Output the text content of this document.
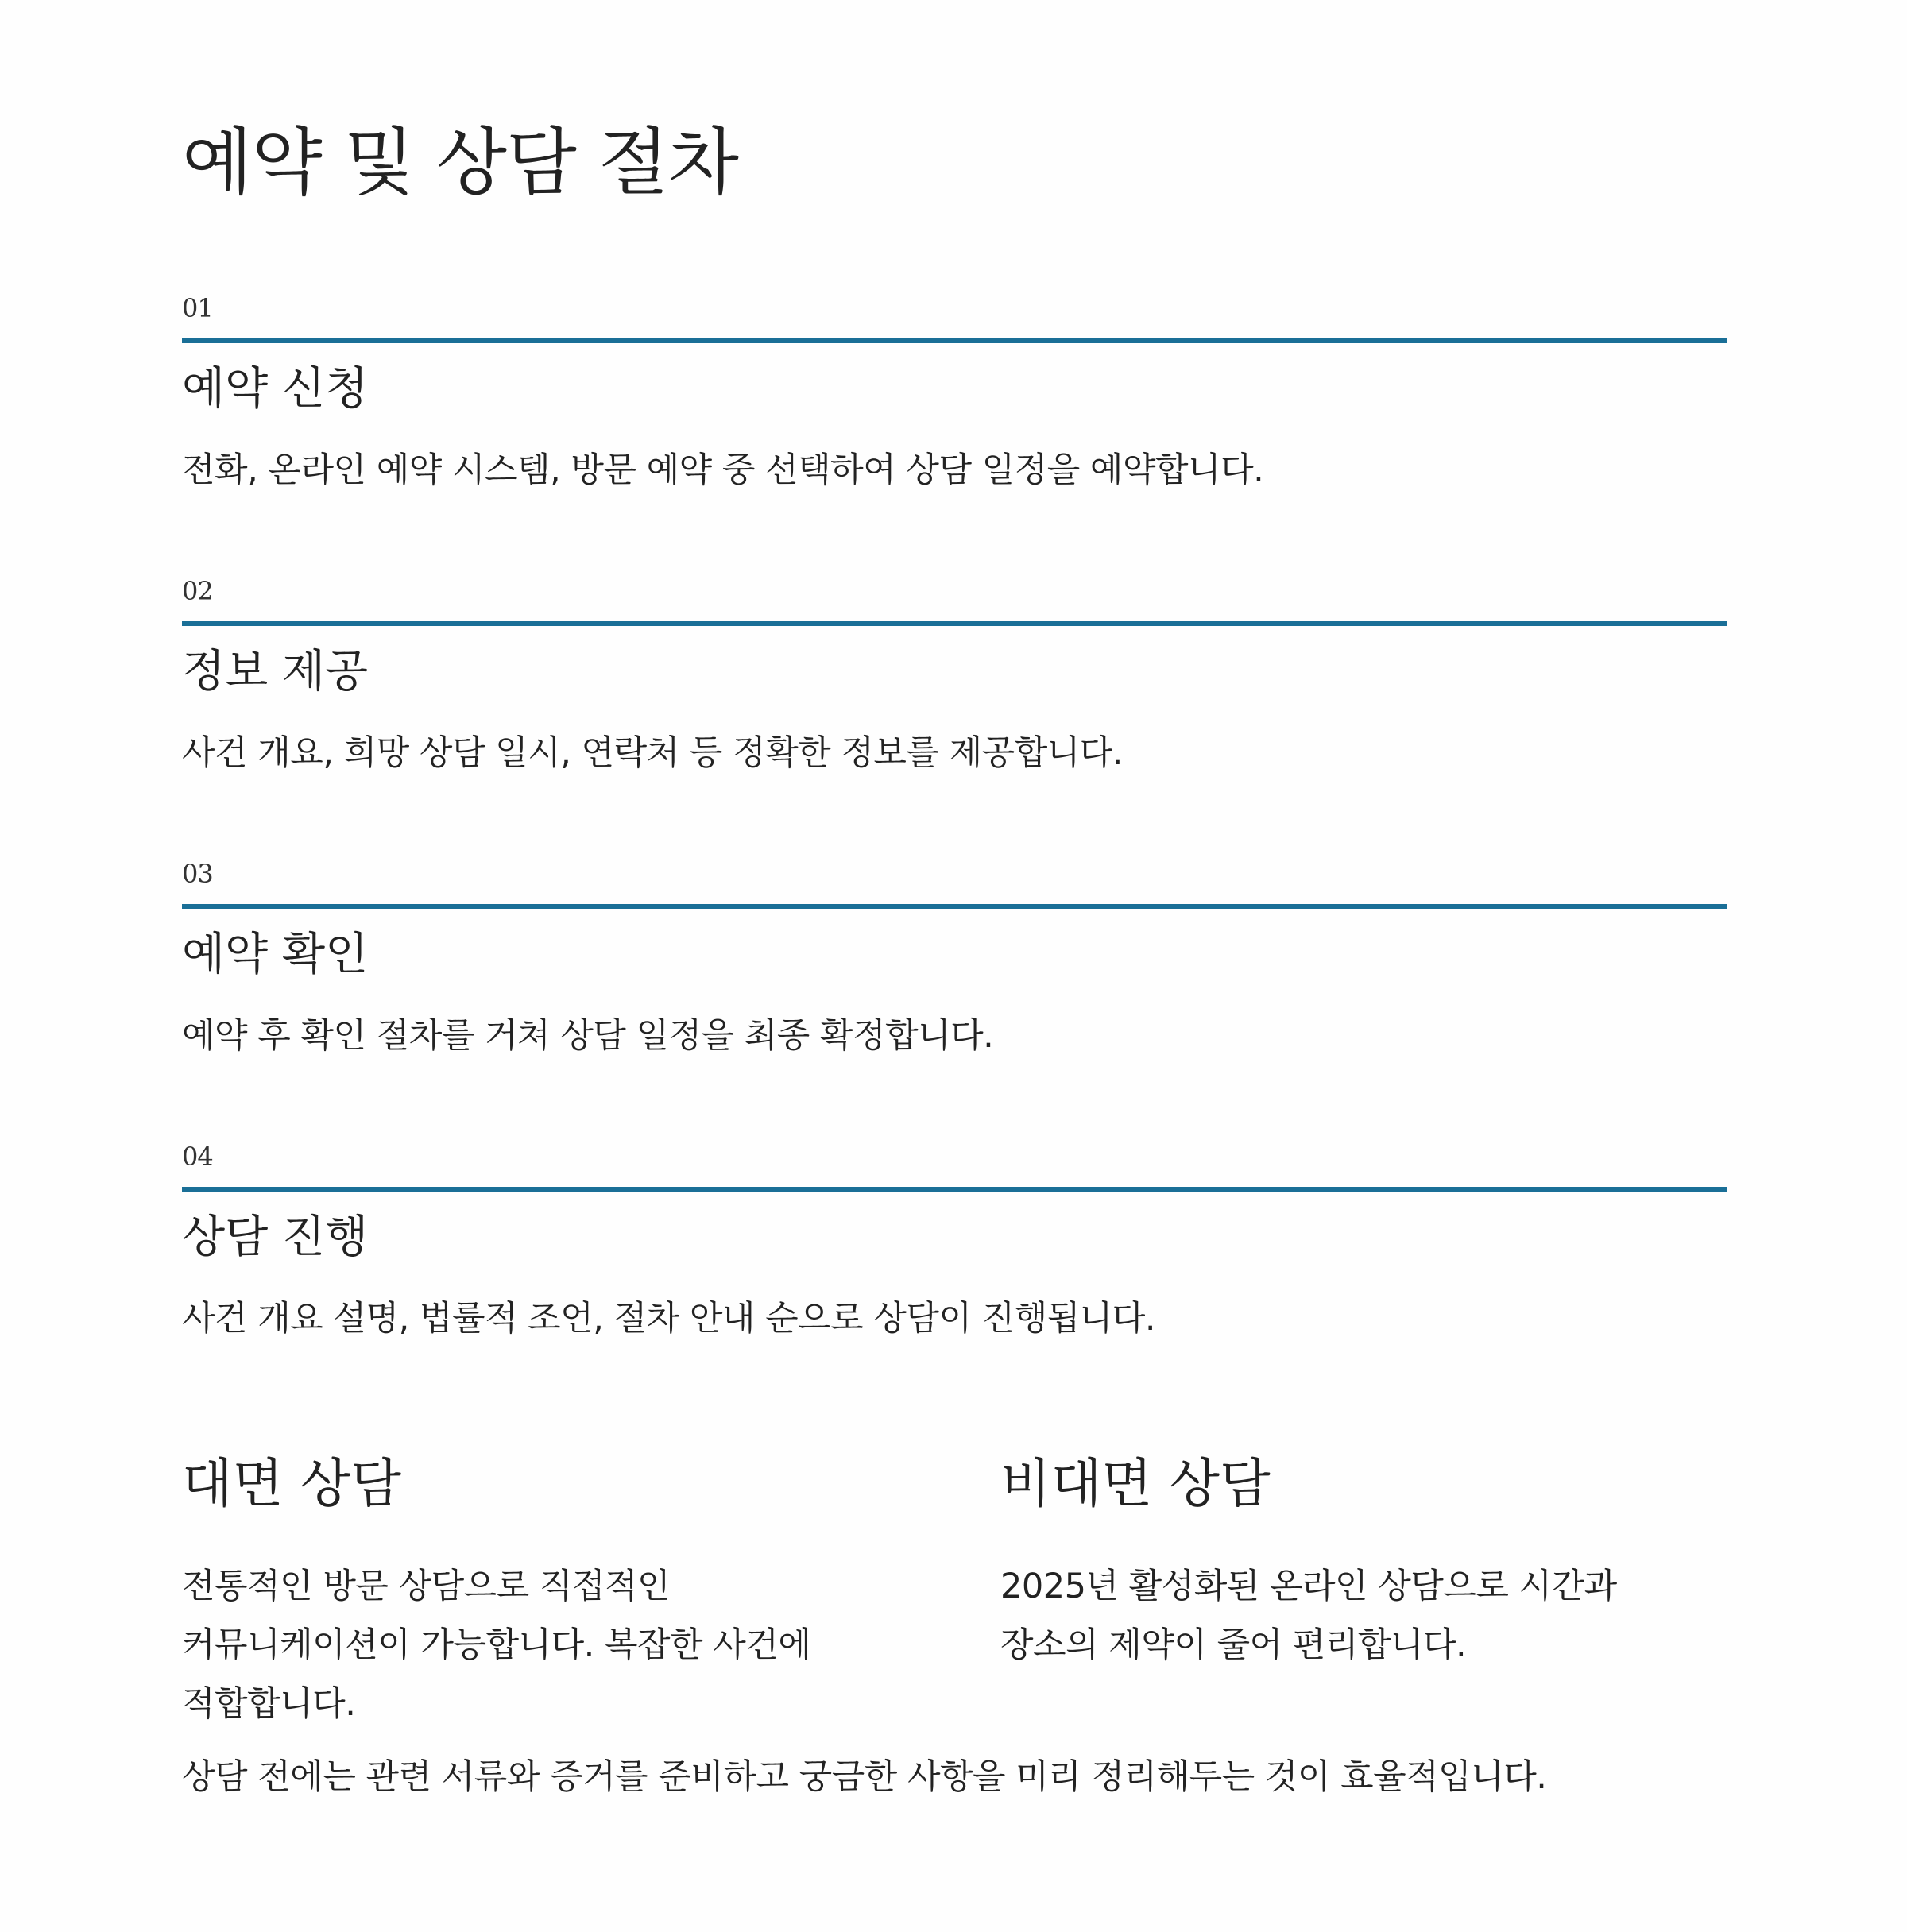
예약 및 상담 절차
01
예약 신청
전화, 온라인 예약 시스템, 방문 예약 중 선택하여 상담 일정을 예약합니다.
02
정보 제공
사건 개요, 희망 상담 일시, 연락처 등 정확한 정보를 제공합니다.
03
예약 확인
예약 후 확인 절차를 거쳐 상담 일정을 최종 확정합니다.
04
상담 진행
사건 개요 설명, 법률적 조언, 절차 안내 순으로 상담이 진행됩니다.
대면 상담

전통적인 방문 상담으로 직접적인 커뮤니케이션이 가능합니다. 복잡한 사건에 적합합니다.

비대면 상담

2025년 활성화된 온라인 상담으로 시간과 장소의 제약이 줄어 편리합니다.

상담 전에는 관련 서류와 증거를 준비하고 궁금한 사항을 미리 정리해두는 것이 효율적입니다.
